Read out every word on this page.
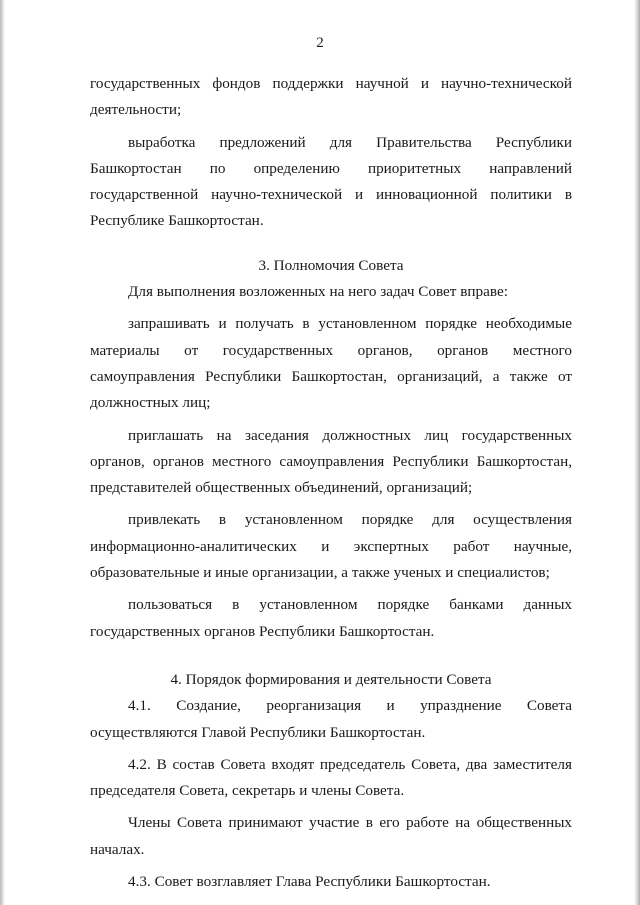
2

государственных фондов поддержки научной и научно-технической

деятельности;

выработка предложений для Правительства Республики

Башкортостан по определению приоритетных направлений

государственной научно-технической и инновационной политики в

Республике Башкортостан.

3. Полномочия Совета

Для выполнения возложенных на него задач Совет вправе:

запрашивать и получать в установленном порядке необходимые

материалы от государственных органов, органов местного

самоуправления Республики Башкортостан, организаций, а также от

должностных лиц;

приглашать на заседания должностных лиц государственных

органов, органов местного самоуправления Республики Башкортостан,

представителей общественных объединений, организаций;

привлекать в установленном порядке для осуществления

информационно-аналитических и экспертных работ научные,

образовательные и иные организации, а также ученых и специалистов;

пользоваться в установленном порядке банками данных

государственных органов Республики Башкортостан.

4. Порядок формирования и деятельности Совета

4.1. Создание, реорганизация и упразднение Совета

осуществляются Главой Республики Башкортостан.

4.2. В состав Совета входят председатель Совета, два заместителя

председателя Совета, секретарь и члены Совета.

Члены Совета принимают участие в его работе на общественных

началах.

4.3. Совет возглавляет Глава Республики Башкортостан.
